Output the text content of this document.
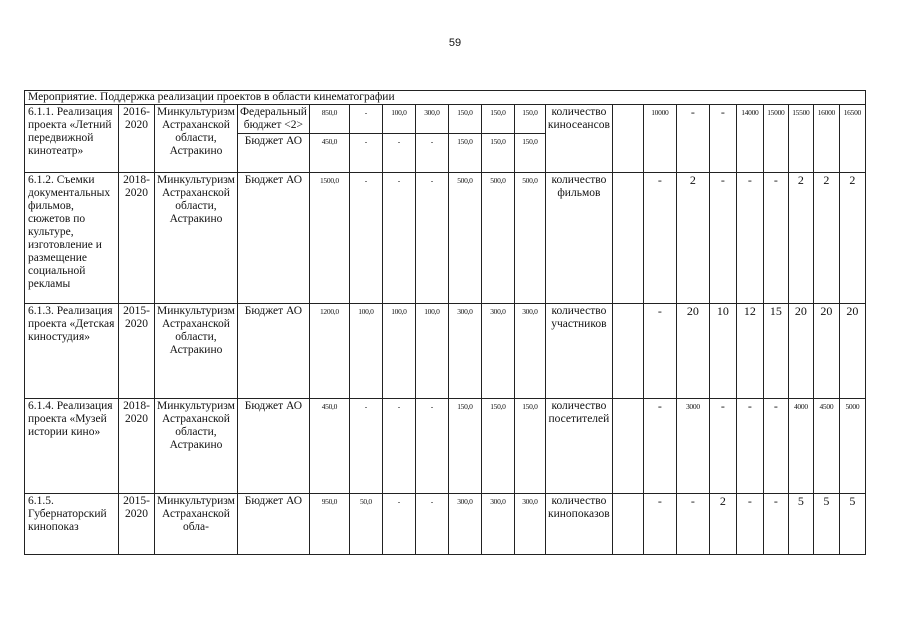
59
Мероприятие. Поддержка реализации проектов в области кинематографии																				
6.1.1. Реализация проекта «Летний передвижной кинотеатр»	2016-2020	Минкультуризм Астраханской области, Астракино	Федеральный бюджет <2>	850,0	-	100,0	300,0	150,0	150,0	150,0	количество киносеансов		10000	-	-	14000	15000	15500	16000	16500
			Бюджет АО	450,0	-	-	-	150,0	150,0	150,0										
6.1.2. Съемки документальных фильмов, сюжетов по культуре, изготовление и размещение социальной рекламы	2018-2020	Минкультуризм Астраханской области, Астракино	Бюджет АО	1500,0	-	-	-	500,0	500,0	500,0	количество фильмов		-	2	-	-	-	2	2	2
6.1.3. Реализация проекта «Детская киностудия»	2015-2020	Минкультуризм Астраханской области, Астракино	Бюджет АО	1200,0	100,0	100,0	100,0	300,0	300,0	300,0	количество участников		-	20	10	12	15	20	20	20
6.1.4. Реализация проекта «Музей истории кино»	2018-2020	Минкультуризм Астраханской области, Астракино	Бюджет АО	450,0	-	-	-	150,0	150,0	150,0	количество посетителей		-	3000	-	-	-	4000	4500	5000
6.1.5. Губернаторский кинопоказ	2015-2020	Минкультуризм Астраханской обла-	Бюджет АО	950,0	50,0	-	-	300,0	300,0	300,0	количество кинопоказов		-	-	2	-	-	5	5	5
